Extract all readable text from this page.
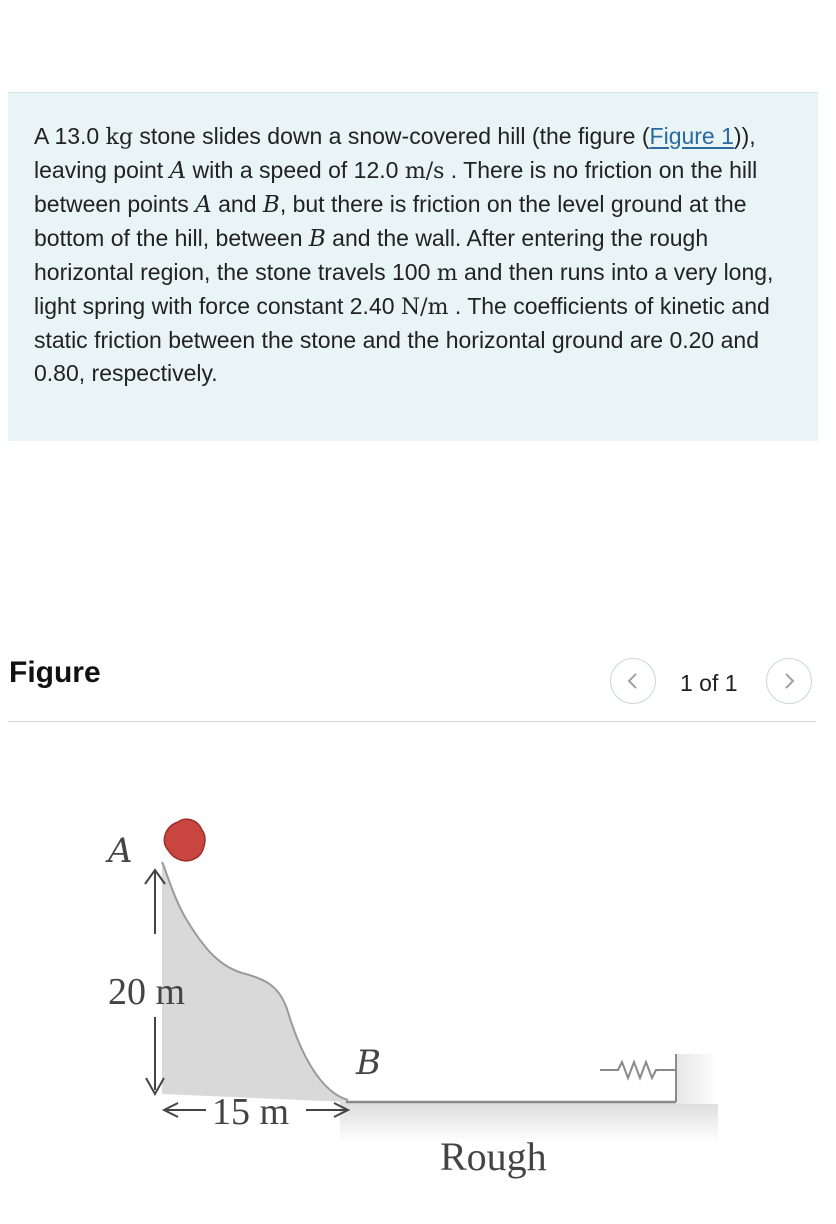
A 13.0 kg stone slides down a snow-covered hill (the figure (Figure 1)), leaving point A with a speed of 12.0 m/s . There is no friction on the hill between points A and B, but there is friction on the level ground at the bottom of the hill, between B and the wall. After entering the rough horizontal region, the stone travels 100 m and then runs into a very long, light spring with force constant 2.40 N/m . The coefficients of kinetic and static friction between the stone and the horizontal ground are 0.20 and 0.80, respectively.

Figure	1 of 1
A
20 m
B
15 m
Rough
